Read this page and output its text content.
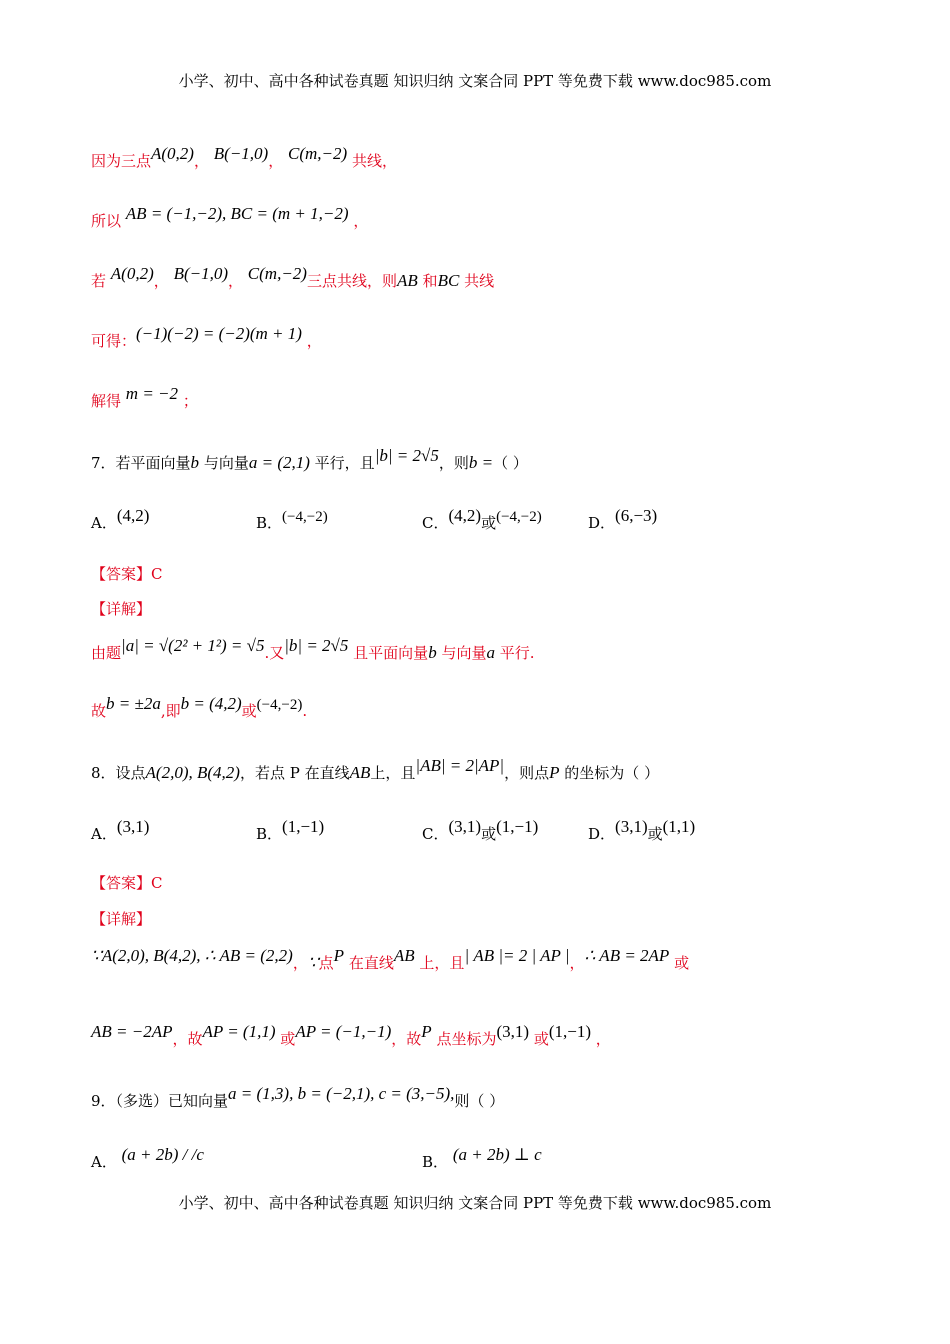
小学、初中、高中各种试卷真题 知识归纳 文案合同 PPT 等免费下载 www.doc985.com
因为三点A(0,2)， B(−1,0)， C(m,−2) 共线，
所以 AB = (−1,−2), BC = (m + 1,−2) ，
若 A(0,2)， B(−1,0)， C(m,−2)三点共线，则AB 和BC 共线
可得：(−1)(−2) = (−2)(m + 1) ，
解得 m = −2 ；
7．若平面向量b 与向量a = (2,1) 平行，且|b| = 2√5，则b =（ ）
A．(4,2)	B．(−4,−2)	C．(4,2)或(−4,−2)	D．(6,−3)
【答案】C
【详解】
由题|a| = √(2² + 1²) = √5.又|b| = 2√5 且平面向量b 与向量a 平行.
故b = ±2a,即b = (4,2)或(−4,−2).
8．设点A(2,0), B(4,2)，若点 P 在直线AB上，且|AB| = 2|AP|，则点P 的坐标为（ ）
A．(3,1)	B．(1,−1)	C．(3,1)或(1,−1)	D．(3,1)或(1,1)
【答案】C
【详解】
∵A(2,0), B(4,2), ∴ AB = (2,2)，∵点P 在直线AB 上，且| AB |= 2 | AP |，∴ AB = 2AP 或
AB = −2AP，故AP = (1,1) 或AP = (−1,−1)，故P 点坐标为(3,1) 或(1,−1) ，
9．（多选）已知向量a = (1,3), b = (−2,1), c = (3,−5),则（ ）
A． (a + 2b) / /c	B． (a + 2b) ⊥ c
小学、初中、高中各种试卷真题 知识归纳 文案合同 PPT 等免费下载 www.doc985.com
